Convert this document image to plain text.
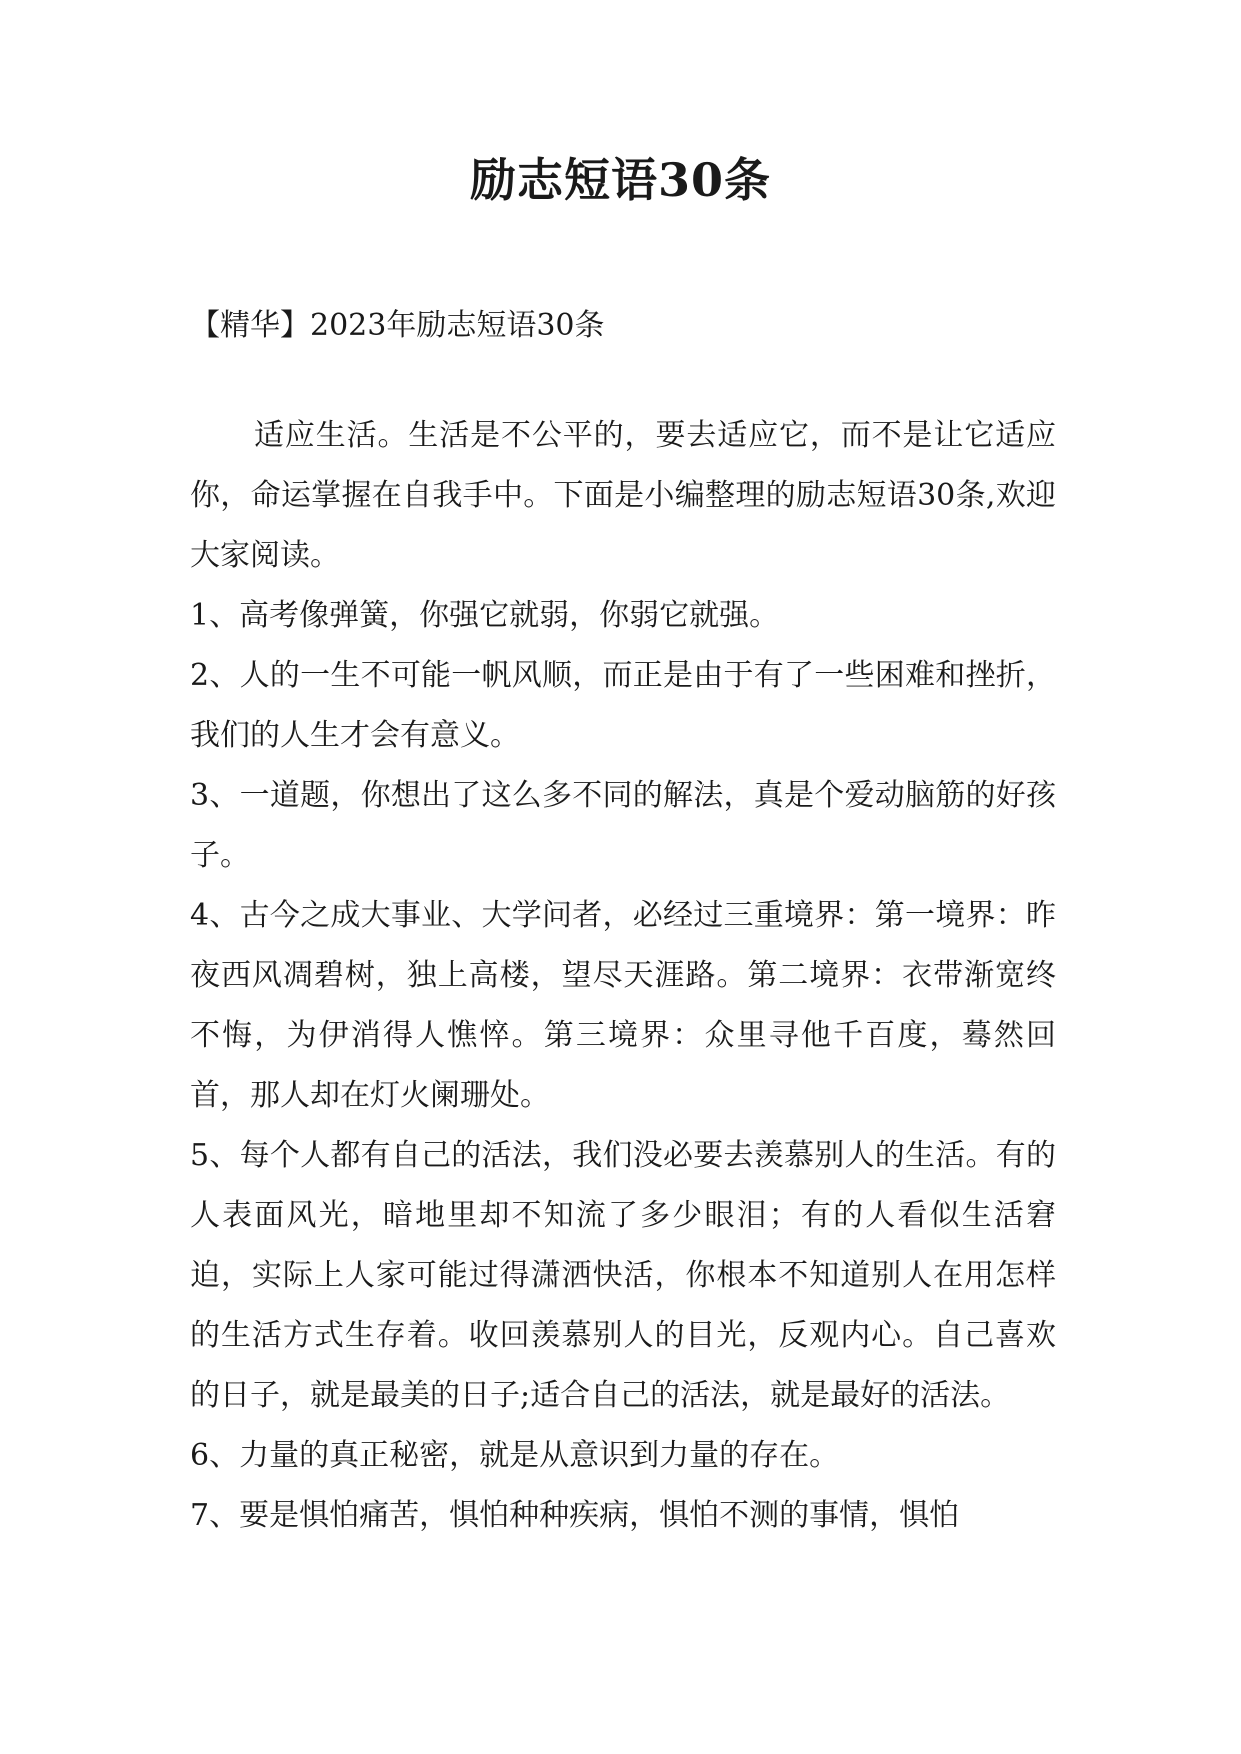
励志短语30条
【精华】2023年励志短语30条

适应生活。生活是不公平的，要去适应它，而不是让它适应你，命运掌握在自我手中。下面是小编整理的励志短语30条,欢迎大家阅读。

1、高考像弹簧，你强它就弱，你弱它就强。

2、人的一生不可能一帆风顺，而正是由于有了一些困难和挫折，我们的人生才会有意义。

3、一道题，你想出了这么多不同的解法，真是个爱动脑筋的好孩子。

4、古今之成大事业、大学问者，必经过三重境界：第一境界：昨夜西风凋碧树，独上高楼，望尽天涯路。第二境界：衣带渐宽终不悔，为伊消得人憔悴。第三境界：众里寻他千百度，蓦然回首，那人却在灯火阑珊处。

5、每个人都有自己的活法，我们没必要去羡慕别人的生活。有的人表面风光，暗地里却不知流了多少眼泪；有的人看似生活窘迫，实际上人家可能过得潇洒快活，你根本不知道别人在用怎样的生活方式生存着。收回羡慕别人的目光，反观内心。自己喜欢的日子，就是最美的日子;适合自己的活法，就是最好的活法。

6、力量的真正秘密，就是从意识到力量的存在。

7、要是惧怕痛苦，惧怕种种疾病，惧怕不测的事情，惧怕
